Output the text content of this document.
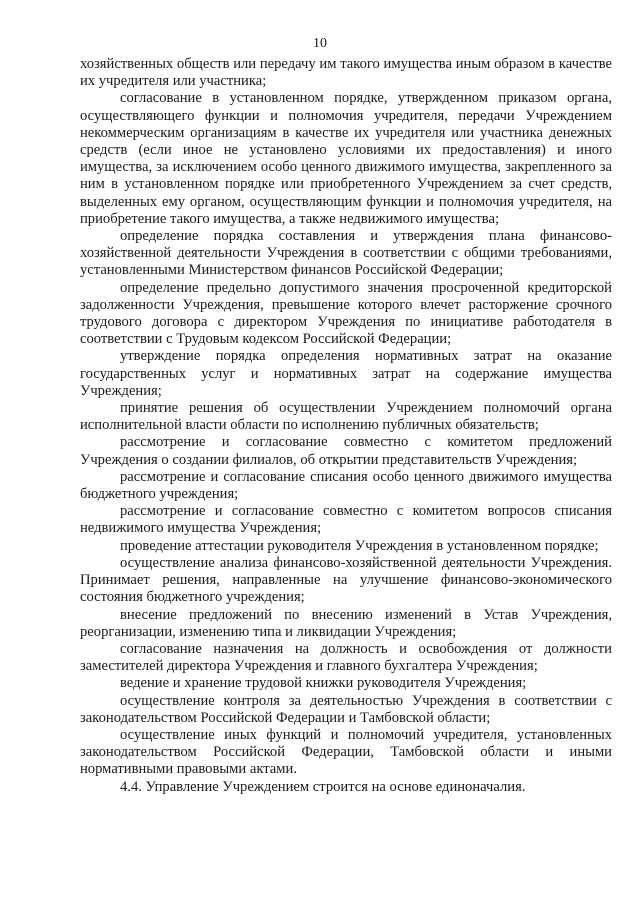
10

хозяйственных обществ или передачу им такого имущества иным образом в качестве их учредителя или участника;

согласование в установленном порядке, утвержденном приказом органа, осуществляющего функции и полномочия учредителя, передачи Учреждением некоммерческим организациям в качестве их учредителя или участника денежных средств (если иное не установлено условиями их предоставления) и иного имущества, за исключением особо ценного движимого имущества, закрепленного за ним в установленном порядке или приобретенного Учреждением за счет средств, выделенных ему органом, осуществляющим функции и полномочия учредителя, на приобретение такого имущества, а также недвижимого имущества;

определение порядка составления и утверждения плана финансово-хозяйственной деятельности Учреждения в соответствии с общими требованиями, установленными Министерством финансов Российской Федерации;

определение предельно допустимого значения просроченной кредиторской задолженности Учреждения, превышение которого влечет расторжение срочного трудового договора с директором Учреждения по инициативе работодателя в соответствии с Трудовым кодексом Российской Федерации;

утверждение порядка определения нормативных затрат на оказание государственных услуг и нормативных затрат на содержание имущества Учреждения;

принятие решения об осуществлении Учреждением полномочий органа исполнительной власти области по исполнению публичных обязательств;

рассмотрение и согласование совместно с комитетом предложений Учреждения о создании филиалов, об открытии представительств Учреждения;

рассмотрение и согласование списания особо ценного движимого имущества бюджетного учреждения;

рассмотрение и согласование совместно с комитетом вопросов списания недвижимого имущества Учреждения;

проведение аттестации руководителя Учреждения в установленном порядке;

осуществление анализа финансово-хозяйственной деятельности Учреждения. Принимает решения, направленные на улучшение финансово-экономического состояния бюджетного учреждения;

внесение предложений по внесению изменений в Устав Учреждения, реорганизации, изменению типа и ликвидации Учреждения;

согласование назначения на должность и освобождения от должности заместителей директора Учреждения и главного бухгалтера Учреждения;

ведение и хранение трудовой книжки руководителя Учреждения;

осуществление контроля за деятельностью Учреждения в соответствии с законодательством Российской Федерации и Тамбовской области;

осуществление иных функций и полномочий учредителя, установленных законодательством Российской Федерации, Тамбовской области и иными нормативными правовыми актами.

4.4. Управление Учреждением строится на основе единоначалия.
